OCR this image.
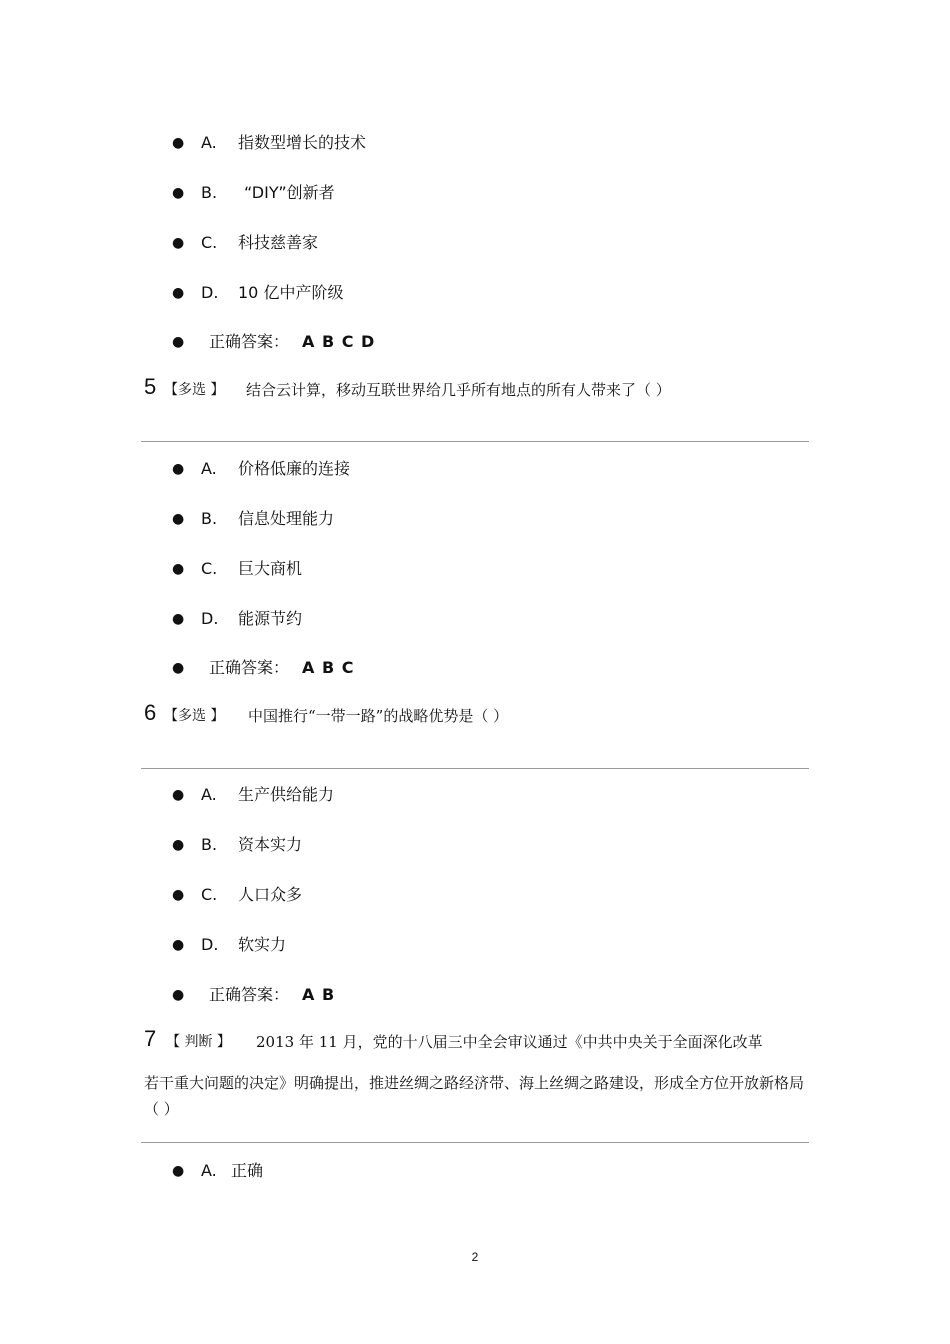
● A. 指数型增长的技术
● B. “DIY”创新者
● C. 科技慈善家
● D. 10 亿中产阶级
● 正确答案： A B C D
5 【多选 】 结合云计算，移动互联世界给几乎所有地点的所有人带来了（ ）
● A. 价格低廉的连接
● B. 信息处理能力
● C. 巨大商机
● D. 能源节约
● 正确答案： A B C
6 【多选 】 中国推行“一带一路”的战略优势是（ ）
● A. 生产供给能力
● B. 资本实力
● C. 人口众多
● D. 软实力
● 正确答案： A B
7 【 判断 】 2013 年 11 月，党的十八届三中全会审议通过《中共中央关于全面深化改革
若干重大问题的决定》明确提出，推进丝绸之路经济带、海上丝绸之路建设，形成全方位开放新格局（ ）
● A. 正确
2
